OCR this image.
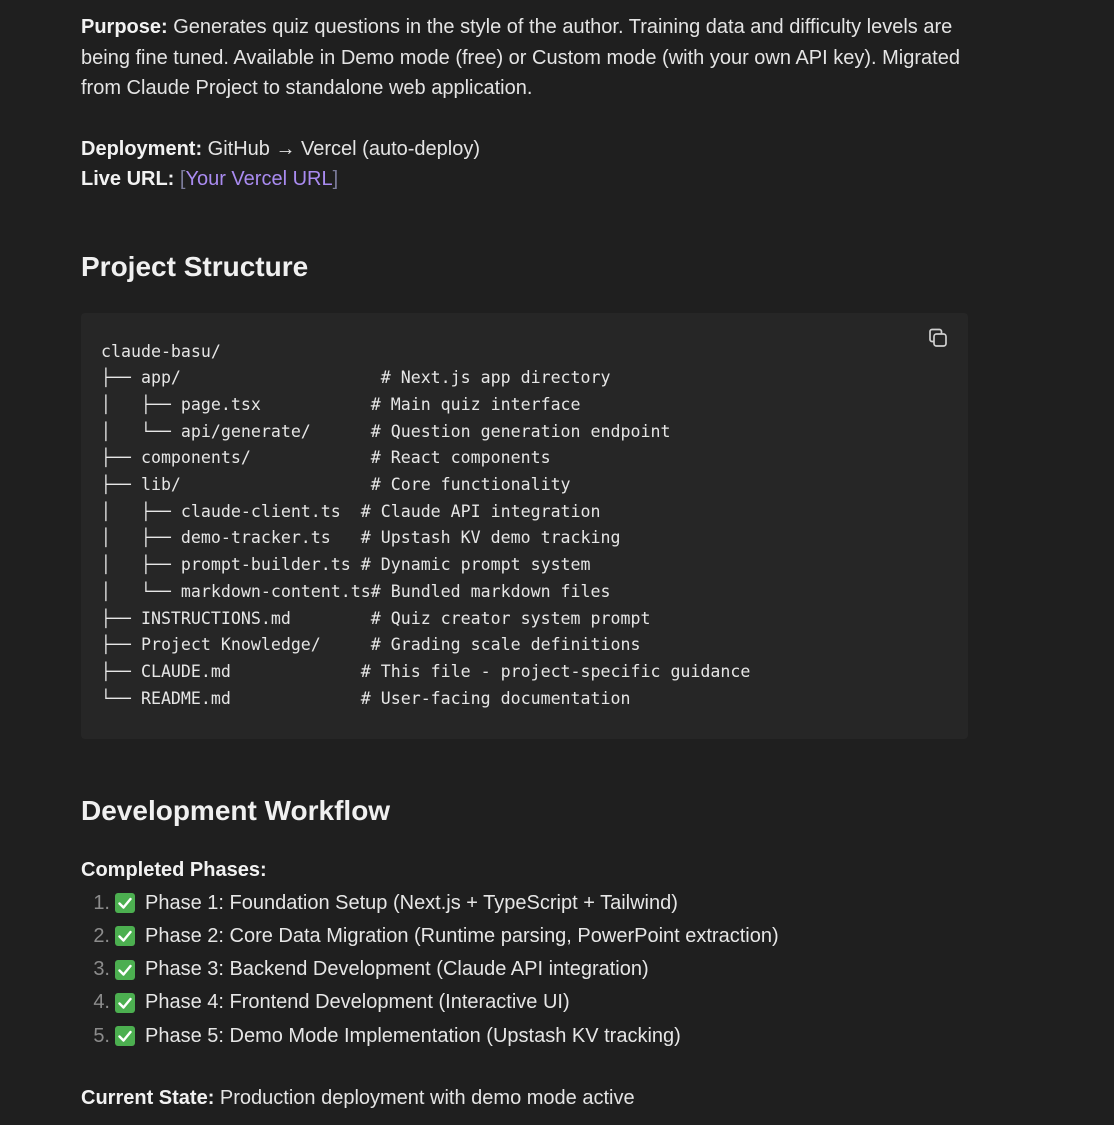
Purpose: Generates quiz questions in the style of the author. Training data and difficulty levels are being fine tuned. Available in Demo mode (free) or Custom mode (with your own API key). Migrated from Claude Project to standalone web application.

Deployment: GitHub → Vercel (auto-deploy)

Live URL: [Your Vercel URL]

Project Structure
claude-basu/
├── app/                    # Next.js app directory
│   ├── page.tsx           # Main quiz interface
│   └── api/generate/      # Question generation endpoint
├── components/            # React components
├── lib/                   # Core functionality
│   ├── claude-client.ts  # Claude API integration
│   ├── demo-tracker.ts   # Upstash KV demo tracking
│   ├── prompt-builder.ts # Dynamic prompt system
│   └── markdown-content.ts# Bundled markdown files
├── INSTRUCTIONS.md        # Quiz creator system prompt
├── Project Knowledge/     # Grading scale definitions
├── CLAUDE.md             # This file - project-specific guidance
└── README.md             # User-facing documentation
Development Workflow

Completed Phases:

1. Phase 1: Foundation Setup (Next.js + TypeScript + Tailwind)
2. Phase 2: Core Data Migration (Runtime parsing, PowerPoint extraction)
3. Phase 3: Backend Development (Claude API integration)
4. Phase 4: Frontend Development (Interactive UI)
5. Phase 5: Demo Mode Implementation (Upstash KV tracking)

Current State: Production deployment with demo mode active
